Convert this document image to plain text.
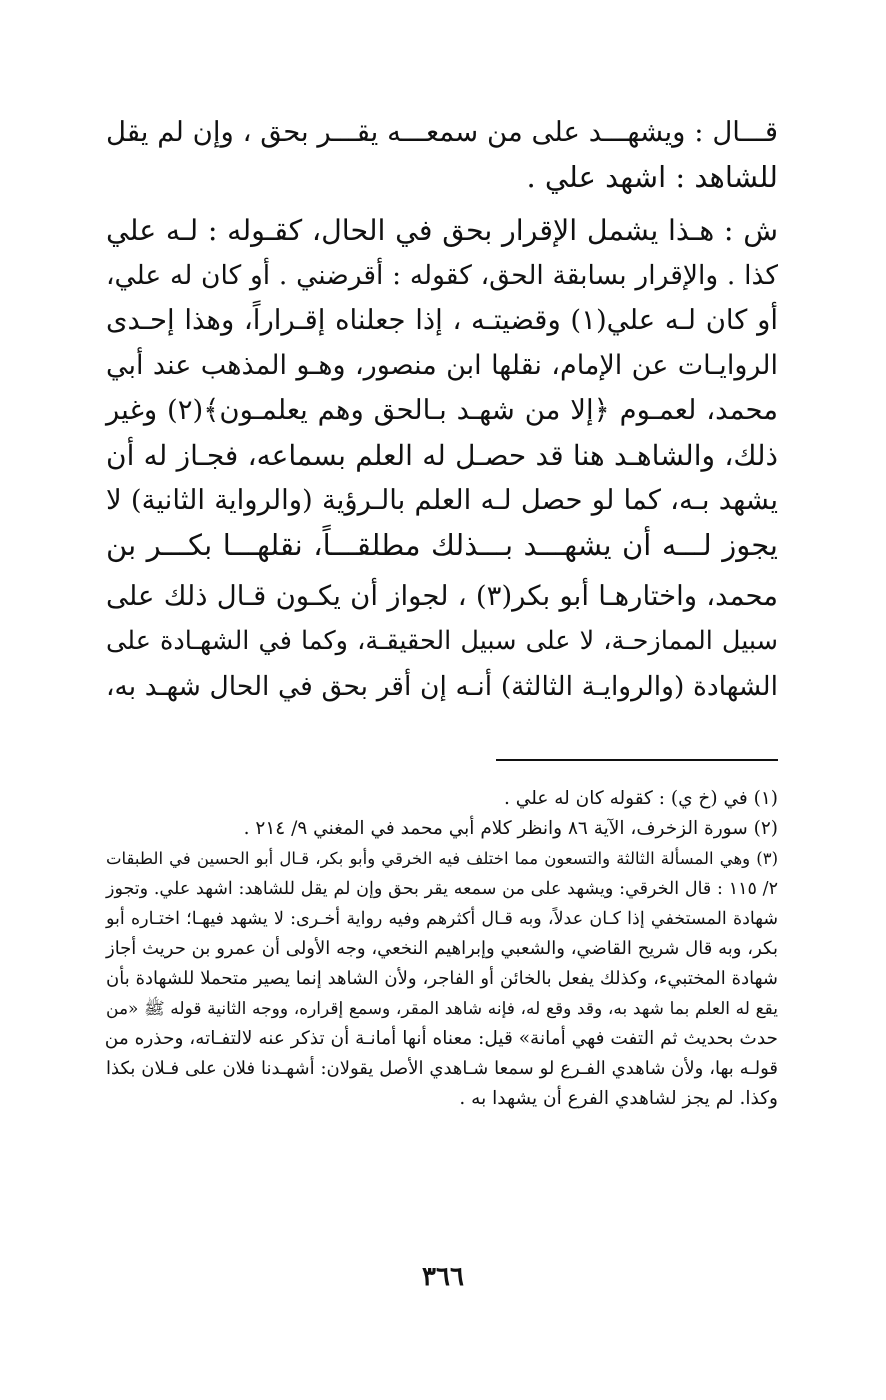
قـــال : ويشهـــد على من سمعـــه يقـــر بحق ، وإن لم يقل
للشاهد : اشهد علي .
ش : هـذا يشمل الإقرار بحق في الحال، كقـوله : لـه علي
كذا . والإقرار بسابقة الحق، كقوله : أقرضني . أو كان له علي،
أو كان لـه علي(١) وقضيتـه ، إذا جعلناه إقـراراً، وهذا إحـدى
الروايـات عن الإمام، نقلها ابن منصور، وهـو المذهب عند أبي
محمد، لعمـوم ﴿إلا من شهـد بـالحق وهم يعلمـون﴾(٢) وغير
ذلك، والشاهـد هنا قد حصـل له العلم بسماعه، فجـاز له أن
يشهد بـه، كما لو حصل لـه العلم بالـرؤية (والرواية الثانية) لا
يجوز لـــه أن يشهـــد بـــذلك مطلقـــاً، نقلهـــا بكـــر بن
محمد، واختارهـا أبو بكر(٣) ، لجواز أن يكـون قـال ذلك على
سبيل الممازحـة، لا على سبيل الحقيقـة، وكما في الشهـادة على
الشهادة (والروايـة الثالثة) أنـه إن أقر بحق في الحال شهـد به،
(١) في (خ ي) : كقوله كان له علي .
(٢) سورة الزخرف، الآية ٨٦ وانظر كلام أبي محمد في المغني ٩/ ٢١٤ .
(٣) وهي المسألة الثالثة والتسعون مما اختلف فيه الخرقي وأبو بكر، قـال أبو الحسين في الطبقات
٢/ ١١٥ : قال الخرقي: ويشهد على من سمعه يقر بحق وإن لم يقل للشاهد: اشهد علي. وتجوز
شهادة المستخفي إذا كـان عدلاً، وبه قـال أكثرهم وفيه رواية أخـرى: لا يشهد فيهـا؛ اختـاره أبو
بكر، وبه قال شريح القاضي، والشعبي وإبراهيم النخعي، وجه الأولى أن عمرو بن حريث أجاز
شهادة المختبيء، وكذلك يفعل بالخائن أو الفاجر، ولأن الشاهد إنما يصير متحملا للشهادة بأن
يقع له العلم بما شهد به، وقد وقع له، فإنه شاهد المقر، وسمع إقراره، ووجه الثانية قوله ﷺ «من
حدث بحديث ثم التفت فهي أمانة» قيل: معناه أنها أمانـة أن تذكر عنه لالتفـاته، وحذره من
قولـه بها، ولأن شاهدي الفـرع لو سمعا شـاهدي الأصل يقولان: أشهـدنا فلان على فـلان بكذا
وكذا. لم يجز لشاهدي الفرع أن يشهدا به .
٣٦٦
